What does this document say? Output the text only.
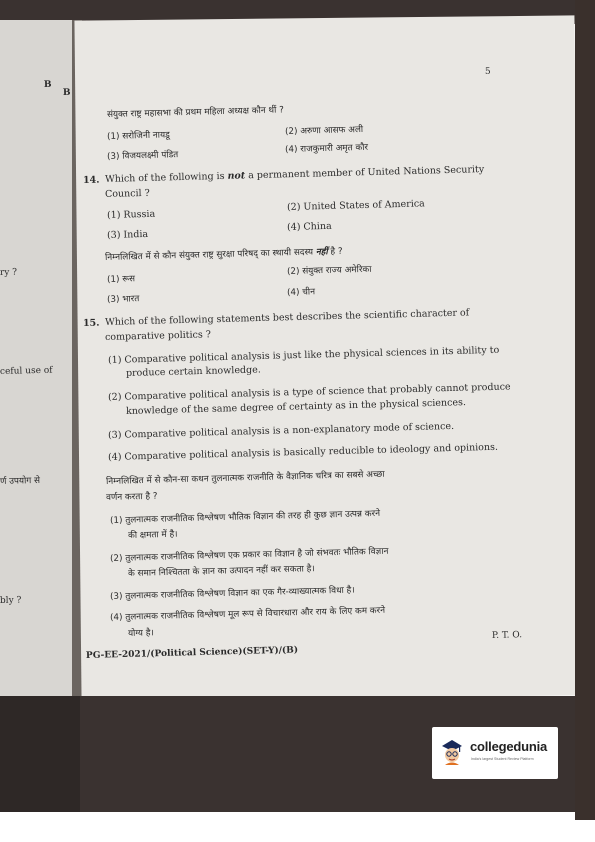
B
ry ?
ceful use of
र्ण उपयोग से
bly ?
B
5
संयुक्त राष्ट्र महासभा की प्रथम महिला अध्यक्ष कौन थीं ?
(1) सरोजिनी नायडू	(2) अरुणा आसफ अली
(3) विजयलक्ष्मी पंडित
(4) राजकुमारी अमृत कौर
14. Which of the following is not a permanent member of United Nations Security
Council ?
(1) Russia
(2) United States of America
(3) India
(4) China
निम्नलिखित में से कौन संयुक्त राष्ट्र सुरक्षा परिषद् का स्थायी सदस्य नहीं है ?
(1) रूस
(2) संयुक्त राज्य अमेरिका
(3) भारत
(4) चीन
15. Which of the following statements best describes the scientific character of
comparative politics ?
(1) Comparative political analysis is just like the physical sciences in its ability to
produce certain knowledge.
(2) Comparative political analysis is a type of science that probably cannot produce
knowledge of the same degree of certainty as in the physical sciences.
(3) Comparative political analysis is a non-explanatory mode of science.
(4) Comparative political analysis is basically reducible to ideology and opinions.
निम्नलिखित में से कौन-सा कथन तुलनात्मक राजनीति के वैज्ञानिक चरित्र का सबसे अच्छा
वर्णन करता है ?
(1) तुलनात्मक राजनीतिक विश्लेषण भौतिक विज्ञान की तरह ही कुछ ज्ञान उत्पन्न करने
की क्षमता में है।
(2) तुलनात्मक राजनीतिक विश्लेषण एक प्रकार का विज्ञान है जो संभवतः भौतिक विज्ञान
के समान निश्चितता के ज्ञान का उत्पादन नहीं कर सकता है।
(3) तुलनात्मक राजनीतिक विश्लेषण विज्ञान का एक गैर-व्याख्यात्मक विधा है।
(4) तुलनात्मक राजनीतिक विश्लेषण मूल रूप से विचारधारा और राय के लिए कम करने
योग्य है।
PG-EE-2021/(Political Science)(SET-Y)/(B)
P. T. O.
collegedunia
India's largest Student Review Platform
